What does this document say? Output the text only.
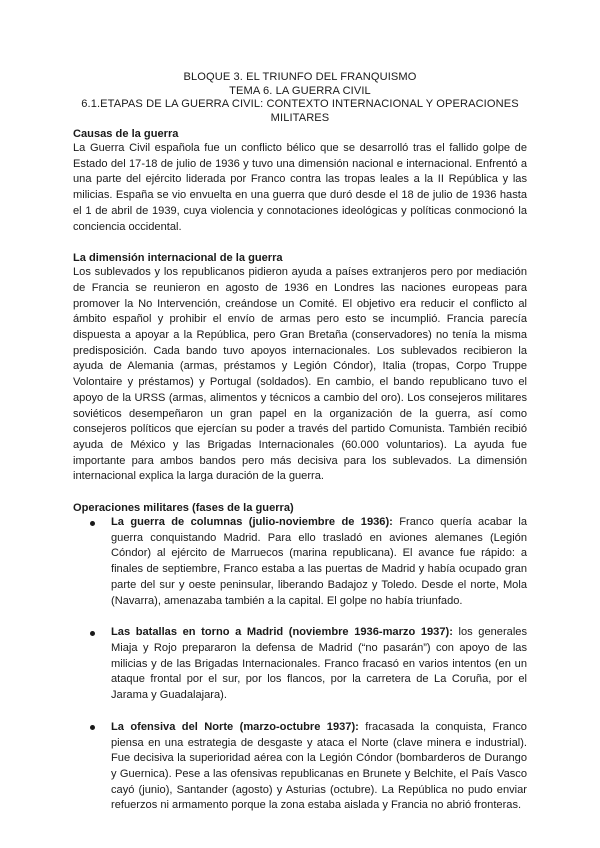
BLOQUE 3. EL TRIUNFO DEL FRANQUISMO
TEMA 6. LA GUERRA CIVIL
6.1.ETAPAS DE LA GUERRA CIVIL: CONTEXTO INTERNACIONAL Y OPERACIONES
MILITARES
Causas de la guerra

La Guerra Civil española fue un conflicto bélico que se desarrolló tras el fallido golpe de Estado del 17-18 de julio de 1936 y tuvo una dimensión nacional e internacional. Enfrentó a una parte del ejército liderada por Franco contra las tropas leales a la II República y las milicias. España se vio envuelta en una guerra que duró desde el 18 de julio de 1936 hasta el 1 de abril de 1939, cuya violencia y connotaciones ideológicas y políticas conmocionó la conciencia occidental.

La dimensión internacional de la guerra

Los sublevados y los republicanos pidieron ayuda a países extranjeros pero por mediación de Francia se reunieron en agosto de 1936 en Londres las naciones europeas para promover la No Intervención, creándose un Comité. El objetivo era reducir el conflicto al ámbito español y prohibir el envío de armas pero esto se incumplió. Francia parecía dispuesta a apoyar a la República, pero Gran Bretaña (conservadores) no tenía la misma predisposición. Cada bando tuvo apoyos internacionales. Los sublevados recibieron la ayuda de Alemania (armas, préstamos y Legión Cóndor), Italia (tropas, Corpo Truppe Volontaire y préstamos) y Portugal (soldados). En cambio, el bando republicano tuvo el apoyo de la URSS (armas, alimentos y técnicos a cambio del oro). Los consejeros militares soviéticos desempeñaron un gran papel en la organización de la guerra, así como consejeros políticos que ejercían su poder a través del partido Comunista. También recibió ayuda de México y las Brigadas Internacionales (60.000 voluntarios). La ayuda fue importante para ambos bandos pero más decisiva para los sublevados. La dimensión internacional explica la larga duración de la guerra.

Operaciones militares (fases de la guerra)
La guerra de columnas (julio-noviembre de 1936): Franco quería acabar la guerra conquistando Madrid. Para ello trasladó en aviones alemanes (Legión Cóndor) al ejército de Marruecos (marina republicana). El avance fue rápido: a finales de septiembre, Franco estaba a las puertas de Madrid y había ocupado gran parte del sur y oeste peninsular, liberando Badajoz y Toledo. Desde el norte, Mola (Navarra), amenazaba también a la capital. El golpe no había triunfado.
Las batallas en torno a Madrid (noviembre 1936-marzo 1937): los generales Miaja y Rojo prepararon la defensa de Madrid (“no pasarán”) con apoyo de las milicias y de las Brigadas Internacionales. Franco fracasó en varios intentos (en un ataque frontal por el sur, por los flancos, por la carretera de La Coruña, por el Jarama y Guadalajara).
La ofensiva del Norte (marzo-octubre 1937): fracasada la conquista, Franco piensa en una estrategia de desgaste y ataca el Norte (clave minera e industrial). Fue decisiva la superioridad aérea con la Legión Cóndor (bombarderos de Durango y Guernica). Pese a las ofensivas republicanas en Brunete y Belchite, el País Vasco cayó (junio), Santander (agosto) y Asturias (octubre). La República no pudo enviar refuerzos ni armamento porque la zona estaba aislada y Francia no abrió fronteras.
